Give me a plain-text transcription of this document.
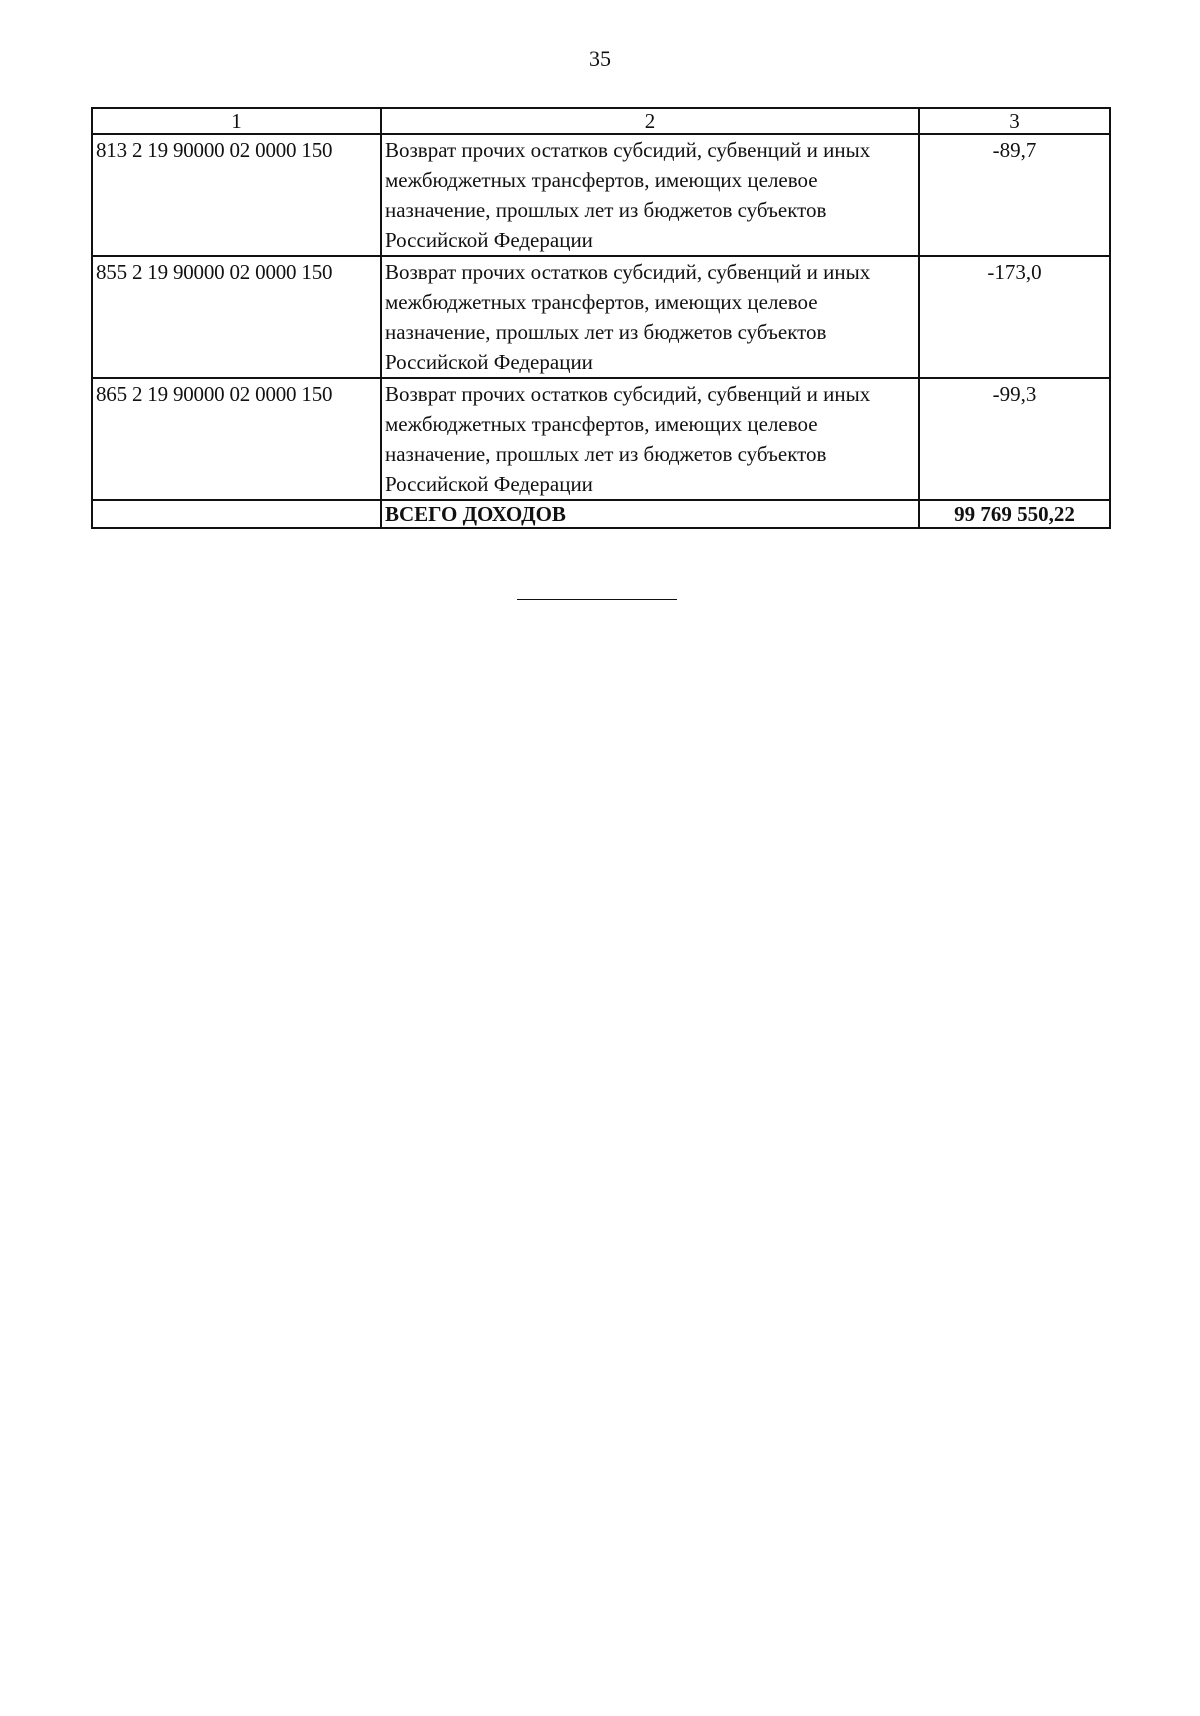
35
1	2	3
813 2 19 90000 02 0000 150	Возврат прочих остатков субсидий, субвенций и иных межбюджетных трансфертов, имеющих целевое назначение, прошлых лет из бюджетов субъектов Российской Федерации	-89,7
855 2 19 90000 02 0000 150	Возврат прочих остатков субсидий, субвенций и иных межбюджетных трансфертов, имеющих целевое назначение, прошлых лет из бюджетов субъектов Российской Федерации	-173,0
865 2 19 90000 02 0000 150	Возврат прочих остатков субсидий, субвенций и иных межбюджетных трансфертов, имеющих целевое назначение, прошлых лет из бюджетов субъектов Российской Федерации	-99,3
	ВСЕГО ДОХОДОВ	99 769 550,22
